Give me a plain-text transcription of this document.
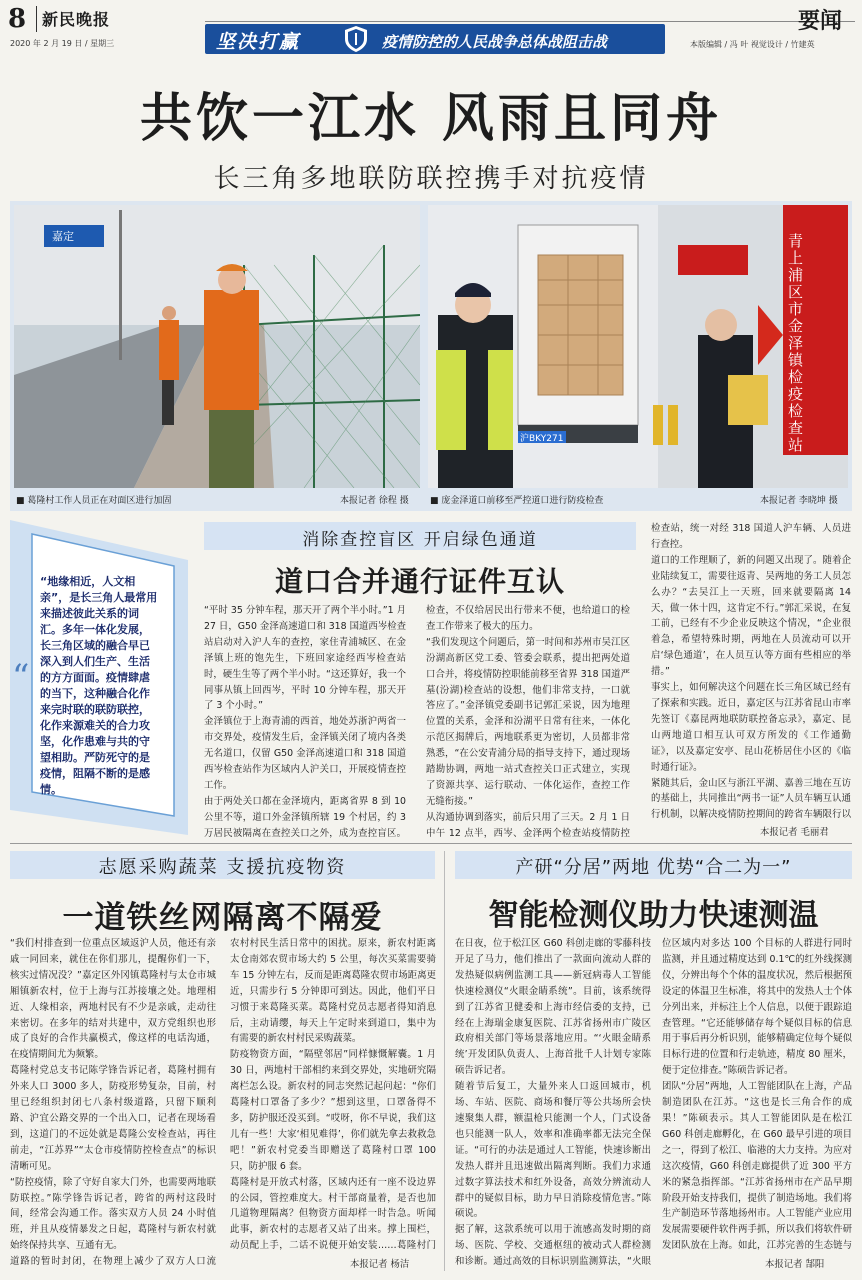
8 新民晚报
2020 年 2 月 19 日 / 星期三	坚决打赢	疫情防控的人民战争总体战阻击战
要闻
本版编辑 / 冯 叶 视觉设计 / 竹建英
共饮一江水 风雨且同舟
长三角多地联防联控携手对抗疫情
嘉定
沪BKY271	青上浦区市金泽镇检疫检查站
■ 葛隆村工作人员正在对面区进行加固	本报记者 徐程 摄 ■ 庞金泽道口前移至严控道口进行防疫检查	本报记者 李晓坤 摄
“
“地缘相近，人文相亲”，是长三角人最常用来描述彼此关系的词汇。多年一体化发展，长三角区域的融合早已深入到人们生产、生活的方方面面。疫情肆虐的当下，这种融合化作来完时联的联防联控，化作来源难关的合力攻坚，化作患难与共的守望相助。严防死守的是疫情，阻隔不断的是感情。
消除查控盲区 开启绿色通道
道口合并通行证件互认
“平时 35 分钟车程，那天开了两个半小时。”1 月 27 日，G50 金泽高速道口和 318 国道西岑检查站启动对入沪人车的查控，家住青浦城区、在金泽镇上班的饱先生，下班回家途经西岑检查站时，硬生生等了两个半小时。“这还算好，我一个同事从镇上回西岑，平时 10 分钟车程，那天开了 3 个小时。”
金泽镇位于上海青浦的西首，地处苏浙沪两省一市交界处，疫情发生后，金泽镇关闭了境内各类无名道口，仅留 G50 金泽高速道口和 318 国道西岑检查站作为区域内人沪关口，开展疫情查控工作。
由于两处关口都在金泽境内，距离省界 8 到 10 公里不等，道口外金泽镇所辖 19 个村居，约 3 万居民被隔离在查控关口之外，成为查控盲区。
检查，不仅给居民出行带来不便，也给道口的检查工作带来了极大的压力。
“我们发现这个问题后，第一时间和苏州市吴江区汾湖高新区党工委、管委会联系，提出把两处道口合并，将疫情防控职能前移至省界 318 国道严墓(汾湖)检查站的设想，他们非常支持，一口就答应了。”金泽镇党委副书记郭汇采说，因为地理位置的关系，金泽和汾湖平日常有往来，一体化示范区揭牌后，两地联系更为密切，人员都非常熟悉，“在公安青浦分局的指导支持下，通过现场踏勘协调，两地一站式查控关口正式建立，实现了资源共享、运行联动、一体化运作，查控工作无缝衔接。”
从沟通协调到落实，前后只用了三天。2 月 1 日中午 12 点半，西岑、金泽两个检查站疫情防控
检查站，统一对经 318 国道人沪车辆、人员进行查控。
道口的工作理顺了，新的问题又出现了。随着企业陆续复工，需要往返青、吴两地的务工人员怎么办？“去吴江上一天班，回来就要隔离 14 天，做一休十四，这肯定不行。”郭汇采说，在复工前，已经有不少企业反映这个情况，“企业很着急，希望特殊时期，两地在人员流动可以开启‘绿色通道’，在人员互认等方面有些相应的举措。”
事实上，如何解决这个问题在长三角区域已经有了探索和实践。近日，嘉定区与江苏省昆山市率先签订《嘉昆两地联防联控备忘录》，嘉定、昆山两地道口相互认可双方所发的《工作通勤证》，以及嘉定安亭、昆山花桥居住小区的《临时通行证》。
紧随其后，金山区与浙江平湖、嘉善三地在互访的基础上，共同推出“两书一证”人员车辆互认通行机制，以解决疫情防控期间的跨省车辆限行以
本报记者 毛丽君
志愿采购蔬菜 支援抗疫物资
一道铁丝网隔离不隔爱
“我们村排查到一位重点区域返沪人员，他还有亲戚一同回来，就住在你们那儿，提醒你们一下，核实过情况没？”嘉定区外冈镇葛隆村与太仓市城厢镇新农村，位于上海与江苏接壤之处。地理相近、人缘相亲，两地村民有不少是亲戚，走动往来密切。在多年的结对共建中，双方党组织也形成了良好的合作共赢模式，像这样的电话沟通，在疫情期间尤为频繁。
葛隆村党总支书记陈学锋告诉记者，葛隆村拥有外来人口 3000 多人，防疫形势复杂，目前，村里已经组织封闭七八条村级道路，只留下顺利路、沪宜公路交界的一个出入口，记者在现场看到，这道门的不远处就是葛隆公安检查站，再往前走，“江苏界”“太仓市疫情防控检查点”的标识清晰可见。
“防控疫情，除了守好自家大门外，也需要两地联防联控。”陈学锋告诉记者，跨省的两村这段时间，经常会沟通工作。落实双方人员 24 小时值班，并且从疫情暴发之日起，葛隆村与新农村就始终保持共享、互通有无。
道路的暂时封闭，在物理上减少了双方人口流

农村村民生活日常中的困扰。原来，新农村距离太仓南郊农贸市场大约 5 公里，每次买菜需要骑车 15 分钟左右，反而是距离葛隆农贸市场距离更近，只需步行 5 分钟即可到达。因此，他们平日习惯于来葛隆买菜。葛隆村党员志愿者得知消息后，主动请缨，每天上午定时来到道口，集中为有需要的新农村村民采购蔬菜。
防疫物资方面，“隔壁邻居”同样慷慨解囊。1 月 30 日，两地村干部相约来到交界处，实地研究隔离栏怎么设。新农村的同志突然记起问起：“你们葛隆村口罩备了多少？”想到这里，口罩备得不多，防护服还没买到。“哎呀，你不早说，我们这儿有一些！大家‘相见难得’，你们就先拿去救救急吧！”新农村党委当即赠送了葛隆村口罩 100 只，防护服 6 套。
葛隆村是开放式村落，区域内还有一座不设边界的公园，管控难度大。村干部商量着，是否也加几道物理隔离？但物资方面却样一时告急。听闻此事，新农村的志愿者又站了出来。撑上围栏，动员配上手，二话不说便开始安装……葛隆村门
本报记者 杨洁
产研“分居”两地 优势“合二为一”
智能检测仪助力快速测温
在日夜，位于松江区 G60 科创走廊的零藤科技开足了马力，他们推出了一款面向流动人群的发热疑似病例监测工具——新冠病毒人工智能快速检测仪“火眼金睛系统”。目前，该系统得到了江苏省卫健委和上海市经信委的支持，已经在上海瑞金康复医院、江苏省扬州市广陵区政府相关部门等场景落地应用。“‘火眼金睛系统’开发团队负责人、上海首批千人计划专家陈硕告诉记者。
随着节后复工，大量外来人口返回城市，机场、车站、医院、商场和餐厅等公共场所会快速聚集人群，额温枪只能测一个人，门式设备也只能测一队人，效率和准确率都无法完全保证。“可行的办法是通过人工智能，快速诊断出发热人群并且迅速做出隔离判断。我们力求通过数字算法技术和红外设备，高效分辨流动人群中的疑似目标，助力早日消除疫情危害。”陈硕说。
据了解，这款系统可以用于流感高发时期的商场、医院、学校、交通枢纽的被动式人群检测和诊断。通过高效的目标识别监测算法，“火眼
位区域内对多达 100 个目标的人群进行同时监测，并且通过精度达到 0.1℃的红外线探测仪，分辨出每个个体的温度状况，然后根据预设定的体温卫生标准，将其中的发热人士个体分列出来，并标注上个人信息，以便于跟踪追查管理。“它还能够储存每个疑似目标的信息用于事后再分析识别，能够精确定位每个疑似目标行进的位置和行走轨迹，精度 80 厘米，便于定位排查。”陈硕告诉记者。
团队“分居”两地，人工智能团队在上海，产品制造团队在江苏。“这也是长三角合作的成果！”陈硕表示。其人工智能团队是在松江 G60 科创走廊孵化，在 G60 最早引进的项目之一，得到了松江、临港的大力支持。为应对这次疫情，G60 科创走廊提供了近 300 平方米的紧急指挥部。“江苏省扬州市在产品早期阶段开始支持我们，提供了制造场地。我们将生产制造环节落地扬州市。人工智能产业应用发展需要硬件软件两手抓，所以我们将软件研发团队放在上海。如此，江苏完善的生态链与
本报记者 郜阳
